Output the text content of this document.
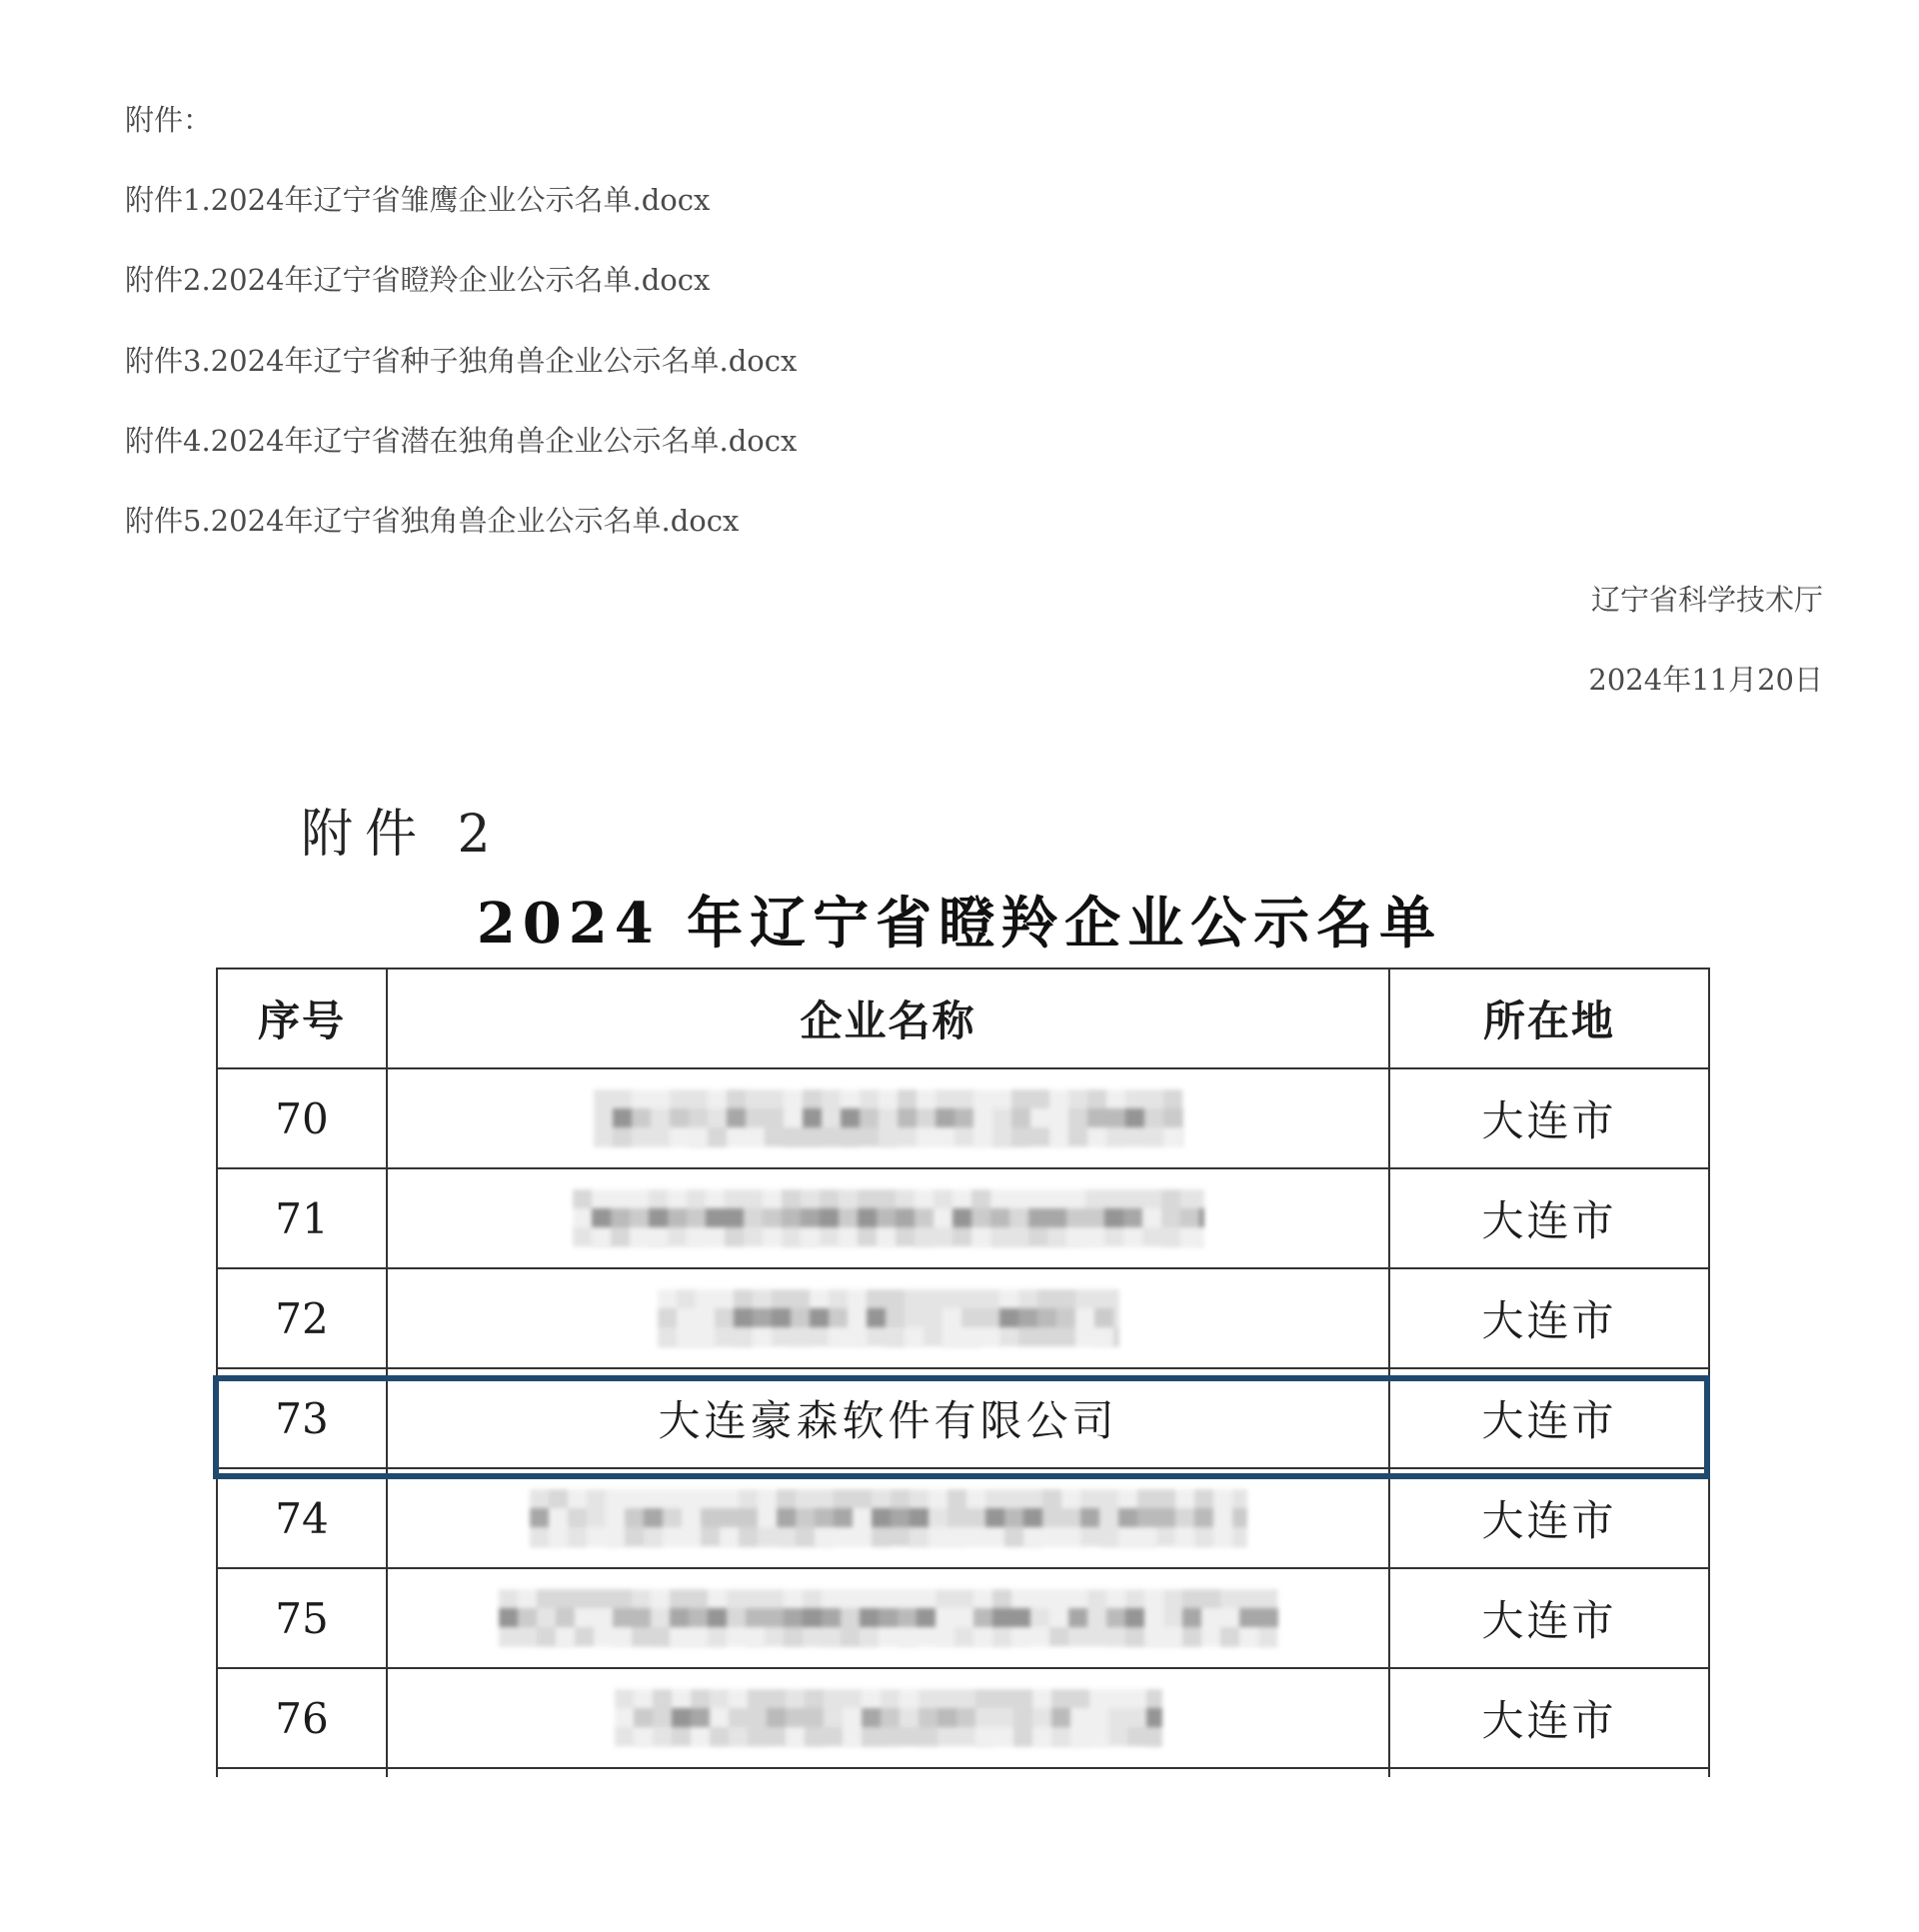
附件：
附件1.2024年辽宁省雏鹰企业公示名单.docx
附件2.2024年辽宁省瞪羚企业公示名单.docx
附件3.2024年辽宁省种子独角兽企业公示名单.docx
附件4.2024年辽宁省潜在独角兽企业公示名单.docx
附件5.2024年辽宁省独角兽企业公示名单.docx
辽宁省科学技术厅
2024年11月20日
附件 2
2024 年辽宁省瞪羚企业公示名单
序号	企业名称	所在地
70		大连市
71		大连市
72		大连市
73	大连豪森软件有限公司	大连市
74		大连市
75		大连市
76		大连市
